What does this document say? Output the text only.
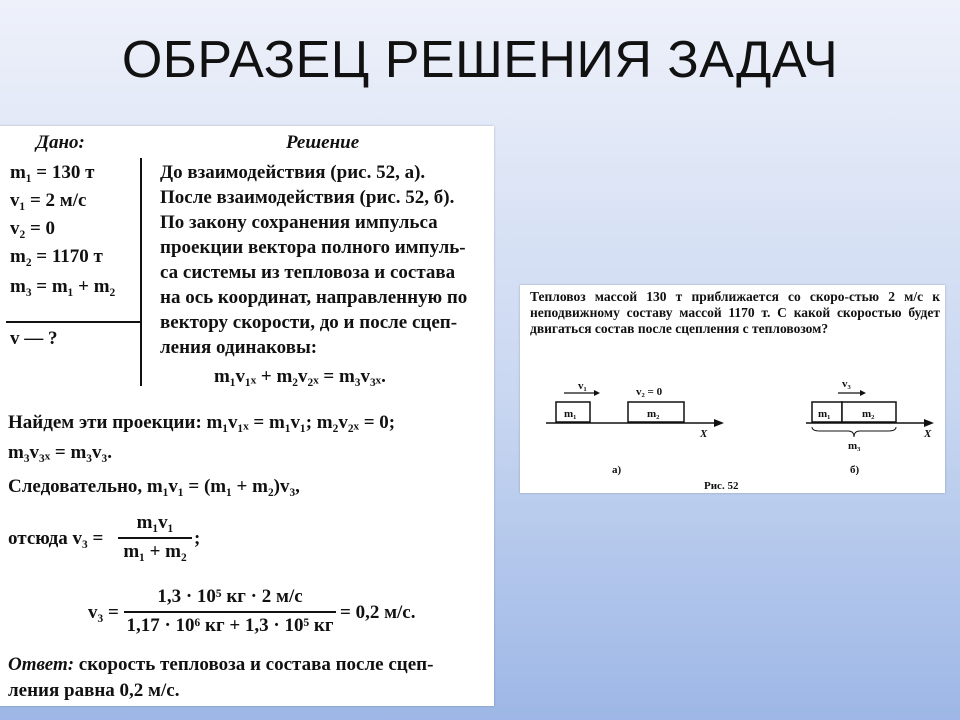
ОБРАЗЕЦ РЕШЕНИЯ ЗАДАЧ
Дано:	Решение
m₁ = 130 т
v₁ = 2 м/с
v₂ = 0
m₂ = 1170 т
m₃ = m₁ + m₂
v — ?
До взаимодействия (рис. 52, а).
После взаимодействия (рис. 52, б).
По закону сохранения импульса
проекции вектора полного импуль-
са системы из тепловоза и состава
на ось координат, направленную по
вектору скорости, до и после сцеп-
ления одинаковы:
m₁v₁ₓ + m₂v₂ₓ = m₃v₃ₓ.
Найдем эти проекции: m₁v₁ₓ = m₁v₁; m₂v₂ₓ = 0;
m₃v₃ₓ = m₃v₃.
Следовательно, m₁v₁ = (m₁ + m₂)v₃,
отсюда v₃ =
m₁v₁
m₁ + m₂
;
v₃ =
1,3 · 10⁵ кг · 2 м/с
1,17 · 10⁶ кг + 1,3 · 10⁵ кг
= 0,2 м/с.
Ответ: скорость тепловоза и состава после сцеп-
ления равна 0,2 м/с.
Тепловоз массой 130 т приближается со скоро-стью 2 м/с к неподвижному составу массой 1170 т. С какой скоростью будет двигаться состав после сцепления с тепловозом?
v₁	v₂ = 0
m₁	m₂
X
а)
v₃
m₁	m₂
m₃
X
б)
Рис. 52
